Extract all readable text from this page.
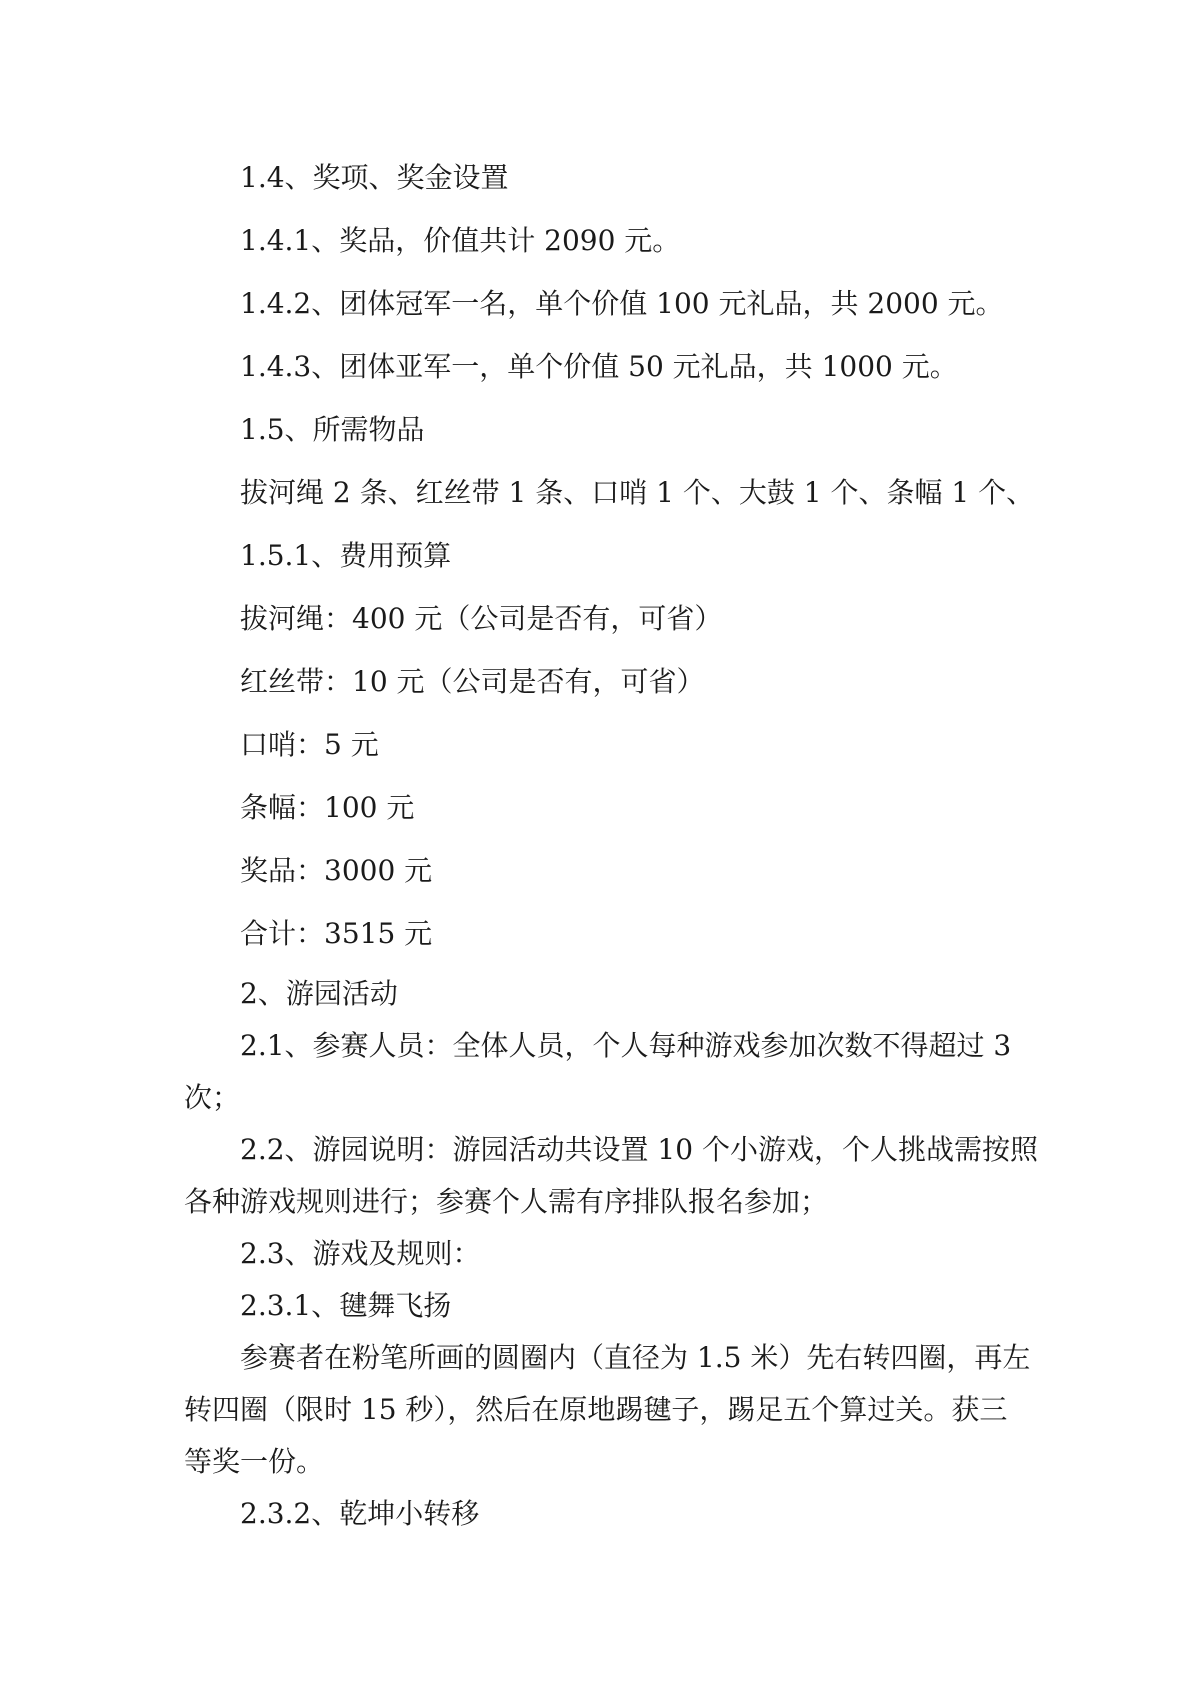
1.4、奖项、奖金设置
1.4.1、奖品，价值共计 2090 元。
1.4.2、团体冠军一名，单个价值 100 元礼品，共 2000 元。
1.4.3、团体亚军一，单个价值 50 元礼品，共 1000 元。
1.5、所需物品
拔河绳 2 条、红丝带 1 条、口哨 1 个、大鼓 1 个、条幅 1 个、
1.5.1、费用预算
拔河绳：400 元（公司是否有，可省）
红丝带：10 元（公司是否有，可省）
口哨：5 元
条幅：100 元
奖品：3000 元
合计：3515 元
2、游园活动
2.1、参赛人员：全体人员，个人每种游戏参加次数不得超过 3
次；
2.2、游园说明：游园活动共设置 10 个小游戏，个人挑战需按照
各种游戏规则进行；参赛个人需有序排队报名参加；
2.3、游戏及规则：
2.3.1、毽舞飞扬
参赛者在粉笔所画的圆圈内（直径为 1.5 米）先右转四圈，再左
转四圈（限时 15 秒），然后在原地踢毽子，踢足五个算过关。获三
等奖一份。
2.3.2、乾坤小转移
